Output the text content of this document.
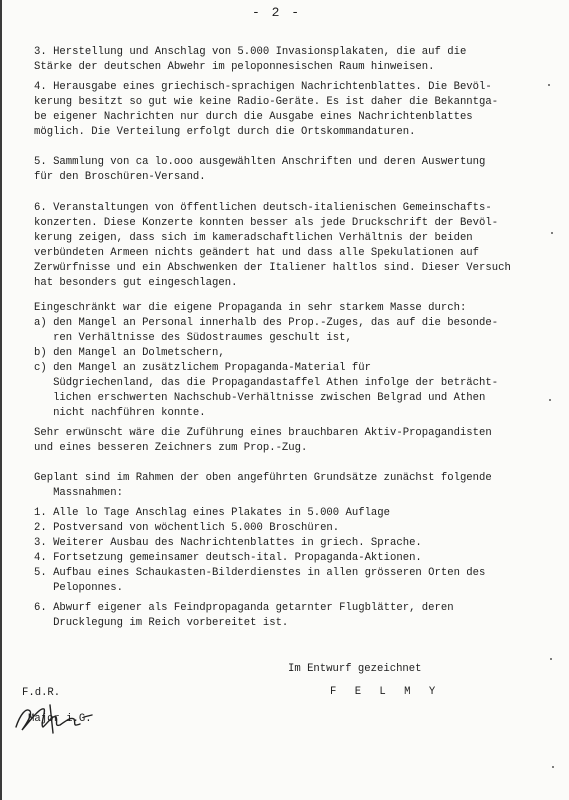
- 2 -
3. Herstellung und Anschlag von 5.000 Invasionsplakaten, die auf die
Stärke der deutschen Abwehr im peloponnesischen Raum hinweisen.
4. Herausgabe eines griechisch-sprachigen Nachrichtenblattes. Die Bevöl-
kerung besitzt so gut wie keine Radio-Geräte. Es ist daher die Bekanntga-
be eigener Nachrichten nur durch die Ausgabe eines Nachrichtenblattes
möglich. Die Verteilung erfolgt durch die Ortskommandaturen.
5. Sammlung von ca lo.ooo ausgewählten Anschriften und deren Auswertung
für den Broschüren-Versand.
6. Veranstaltungen von öffentlichen deutsch-italienischen Gemeinschafts-
konzerten. Diese Konzerte konnten besser als jede Druckschrift der Bevöl-
kerung zeigen, dass sich im kameradschaftlichen Verhältnis der beiden
verbündeten Armeen nichts geändert hat und dass alle Spekulationen auf
Zerwürfnisse und ein Abschwenken der Italiener haltlos sind. Dieser Versuch
hat besonders gut eingeschlagen.
Eingeschränkt war die eigene Propaganda in sehr starkem Masse durch:
a) den Mangel an Personal innerhalb des Prop.-Zuges, das auf die besonde-
ren Verhältnisse des Südostraumes geschult ist,
b) den Mangel an Dolmetschern,
c) den Mangel an zusätzlichem Propaganda-Material für
Südgriechenland, das die Propagandastaffel Athen infolge der beträcht-
lichen erschwerten Nachschub-Verhältnisse zwischen Belgrad und Athen
nicht nachführen konnte.
Sehr erwünscht wäre die Zuführung eines brauchbaren Aktiv-Propagandisten
und eines besseren Zeichners zum Prop.-Zug.
Geplant sind im Rahmen der oben angeführten Grundsätze zunächst folgende
Massnahmen:
1. Alle lo Tage Anschlag eines Plakates in 5.000 Auflage
2. Postversand von wöchentlich 5.000 Broschüren.
3. Weiterer Ausbau des Nachrichtenblattes in griech. Sprache.
4. Fortsetzung gemeinsamer deutsch-ital. Propaganda-Aktionen.
5. Aufbau eines Schaukasten-Bilderdienstes in allen grösseren Orten des
Peloponnes.
6. Abwurf eigener als Feindpropaganda getarnter Flugblätter, deren
Drucklegung im Reich vorbereitet ist.
Im Entwurf gezeichnet
F E L M Y
F.d.R.
Major i.G.
